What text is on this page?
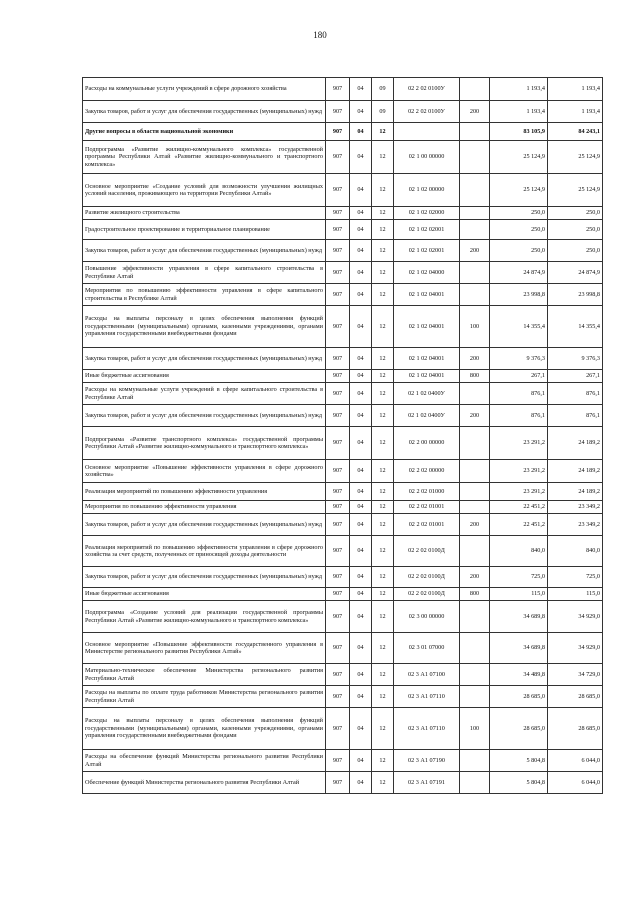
180
Расходы на коммунальные услуги учреждений в сфере дорожного хозяйства	907	04	09	02 2 02 0100У		1 193,4	1 193,4
Закупка товаров, работ и услуг для обеспечения государственных (муниципальных) нужд	907	04	09	02 2 02 0100У	200	1 193,4	1 193,4
Другие вопросы в области национальной экономики	907	04	12			83 105,9	84 243,1
Подпрограмма «Развитие жилищно-коммунального комплекса» государственной программы Республики Алтай «Развитие жилищно-коммунального и транспортного комплекса»	907	04	12	02 1 00 00000		25 124,9	25 124,9
Основное мероприятие «Создание условий для возможности улучшения жилищных условий населения, проживающего на территории Республики Алтай»	907	04	12	02 1 02 00000		25 124,9	25 124,9
Развитие жилищного строительства	907	04	12	02 1 02 02000		250,0	250,0
Градостроительное проектирование и территориальное планирование	907	04	12	02 1 02 02001		250,0	250,0
Закупка товаров, работ и услуг для обеспечения государственных (муниципальных) нужд	907	04	12	02 1 02 02001	200	250,0	250,0
Повышение эффективности управления в сфере капитального строительства в Республике Алтай	907	04	12	02 1 02 04000		24 874,9	24 874,9
Мероприятия по повышению эффективности управления в сфере капитального строительства в Республике Алтай	907	04	12	02 1 02 04001		23 998,8	23 998,8
Расходы на выплаты персоналу в целях обеспечения выполнения функций государственными (муниципальными) органами, казенными учреждениями, органами управления государственными внебюджетными фондами	907	04	12	02 1 02 04001	100	14 355,4	14 355,4
Закупка товаров, работ и услуг для обеспечения государственных (муниципальных) нужд	907	04	12	02 1 02 04001	200	9 376,3	9 376,3
Иные бюджетные ассигнования	907	04	12	02 1 02 04001	800	267,1	267,1
Расходы на коммунальные услуги учреждений в сфере капитального строительства в Республике Алтай	907	04	12	02 1 02 0400У		876,1	876,1
Закупка товаров, работ и услуг для обеспечения государственных (муниципальных) нужд	907	04	12	02 1 02 0400У	200	876,1	876,1
Подпрограмма «Развитие транспортного комплекса» государственной программы Республики Алтай «Развитие жилищно-коммунального и транспортного комплекса»	907	04	12	02 2 00 00000		23 291,2	24 189,2
Основное мероприятие «Повышение эффективности управления в сфере дорожного хозяйства»	907	04	12	02 2 02 00000		23 291,2	24 189,2
Реализация мероприятий по повышению эффективности управления	907	04	12	02 2 02 01000		23 291,2	24 189,2
Мероприятия по повышению эффективности управления	907	04	12	02 2 02 01001		22 451,2	23 349,2
Закупка товаров, работ и услуг для обеспечения государственных (муниципальных) нужд	907	04	12	02 2 02 01001	200	22 451,2	23 349,2
Реализация мероприятий по повышению эффективности управления в сфере дорожного хозяйства за счет средств, полученных от приносящей доходы деятельности	907	04	12	02 2 02 0100Д		840,0	840,0
Закупка товаров, работ и услуг для обеспечения государственных (муниципальных) нужд	907	04	12	02 2 02 0100Д	200	725,0	725,0
Иные бюджетные ассигнования	907	04	12	02 2 02 0100Д	800	115,0	115,0
Подпрограмма «Создание условий для реализации государственной программы Республики Алтай «Развитие жилищно-коммунального и транспортного комплекса»	907	04	12	02 3 00 00000		34 689,8	34 929,0
Основное мероприятие «Повышение эффективности государственного управления в Министерстве регионального развития Республики Алтай»	907	04	12	02 3 01 07000		34 689,8	34 929,0
Материально-техническое обеспечение Министерства регионального развития Республики Алтай	907	04	12	02 3 А1 07100		34 489,8	34 729,0
Расходы на выплаты по оплате труда работников Министерства регионального развития Республики Алтай	907	04	12	02 3 А1 07110		28 685,0	28 685,0
Расходы на выплаты персоналу в целях обеспечения выполнения функций государственными (муниципальными) органами, казенными учреждениями, органами управления государственными внебюджетными фондами	907	04	12	02 3 А1 07110	100	28 685,0	28 685,0
Расходы на обеспечение функций Министерства регионального развития Республики Алтай	907	04	12	02 3 А1 07190		5 804,8	6 044,0
Обеспечение функций Министерства регионального развития Республики Алтай	907	04	12	02 3 А1 07191		5 804,8	6 044,0
